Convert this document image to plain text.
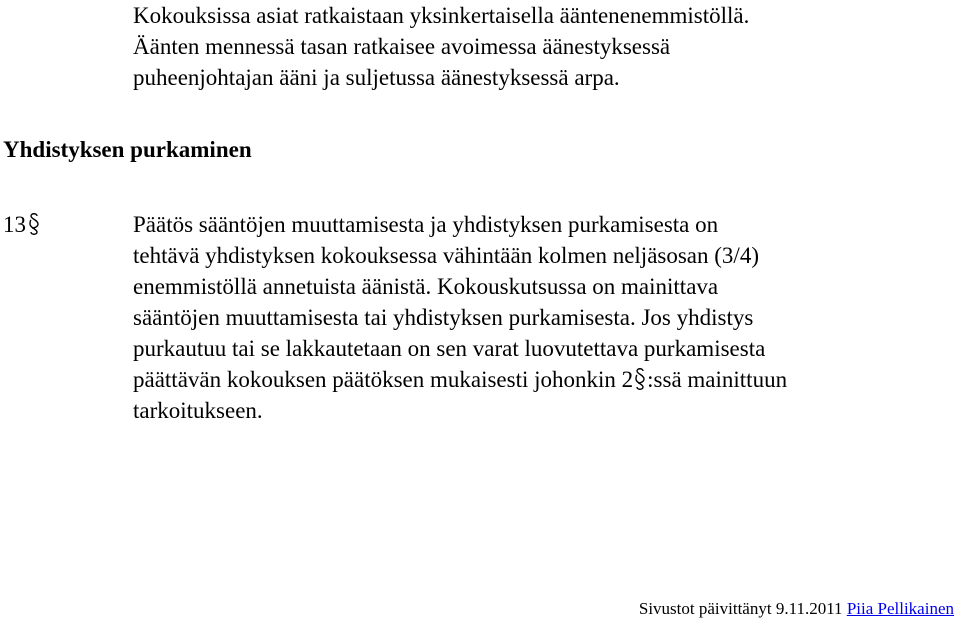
Kokouksissa asiat ratkaistaan yksinkertaisella ääntenenemmistöllä.
Äänten mennessä tasan ratkaisee avoimessa äänestyksessä
puheenjohtajan ääni ja suljetussa äänestyksessä arpa.

Yhdistyksen purkaminen
13	Päätös sääntöjen muuttamisesta ja yhdistyksen purkamisesta on
tehtävä yhdistyksen kokouksessa vähintään kolmen neljäsosan (3/4)
enemmistöllä annetuista äänistä. Kokouskutsussa on mainittava
sääntöjen muuttamisesta tai yhdistyksen purkamisesta. Jos yhdistys
purkautuu tai se lakkautetaan on sen varat luovutettava purkamisesta
päättävän kokouksen päätöksen mukaisesti johonkin 2 :ssä mainittuun
tarkoitukseen.

Sivustot päivittänyt 9.11.2011 Piia Pellikainen
